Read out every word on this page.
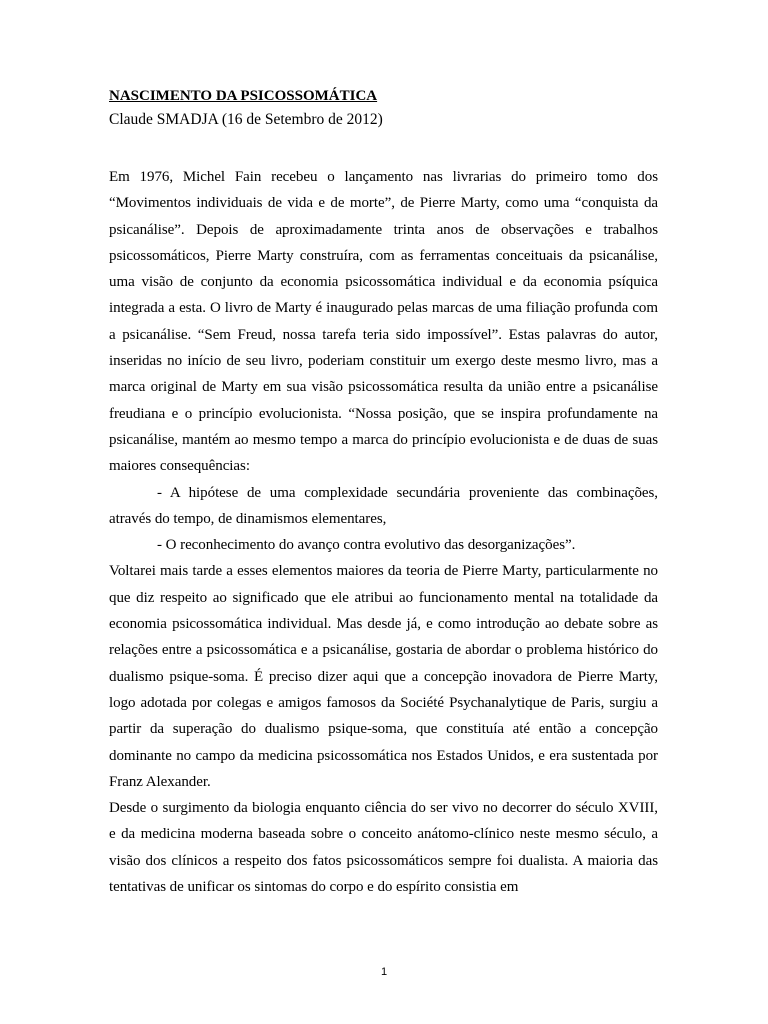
NASCIMENTO DA PSICOSSOMÁTICA
Claude SMADJA (16 de Setembro de 2012)

Em 1976, Michel Fain recebeu o lançamento nas livrarias do primeiro tomo dos “Movimentos individuais de vida e de morte”, de Pierre Marty, como uma “conquista da psicanálise”. Depois de aproximadamente trinta anos de observações e trabalhos psicossomáticos, Pierre Marty construíra, com as ferramentas conceituais da psicanálise, uma visão de conjunto da economia psicossomática individual e da economia psíquica integrada a esta. O livro de Marty é inaugurado pelas marcas de uma filiação profunda com a psicanálise. “Sem Freud, nossa tarefa teria sido impossível”. Estas palavras do autor, inseridas no início de seu livro, poderiam constituir um exergo deste mesmo livro, mas a marca original de Marty em sua visão psicossomática resulta da união entre a psicanálise freudiana e o princípio evolucionista. “Nossa posição, que se inspira profundamente na psicanálise, mantém ao mesmo tempo a marca do princípio evolucionista e de duas de suas maiores consequências:

- A hipótese de uma complexidade secundária proveniente das combinações, através do tempo, de dinamismos elementares,

- O reconhecimento do avanço contra evolutivo das desorganizações”.

Voltarei mais tarde a esses elementos maiores da teoria de Pierre Marty, particularmente no que diz respeito ao significado que ele atribui ao funcionamento mental na totalidade da economia psicossomática individual. Mas desde já, e como introdução ao debate sobre as relações entre a psicossomática e a psicanálise, gostaria de abordar o problema histórico do dualismo psique-soma. É preciso dizer aqui que a concepção inovadora de Pierre Marty, logo adotada por colegas e amigos famosos da Société Psychanalytique de Paris, surgiu a partir da superação do dualismo psique-soma, que constituía até então a concepção dominante no campo da medicina psicossomática nos Estados Unidos, e era sustentada por Franz Alexander.

Desde o surgimento da biologia enquanto ciência do ser vivo no decorrer do século XVIII, e da medicina moderna baseada sobre o conceito anátomo-clínico neste mesmo século, a visão dos clínicos a respeito dos fatos psicossomáticos sempre foi dualista. A maioria das tentativas de unificar os sintomas do corpo e do espírito consistia em

1
